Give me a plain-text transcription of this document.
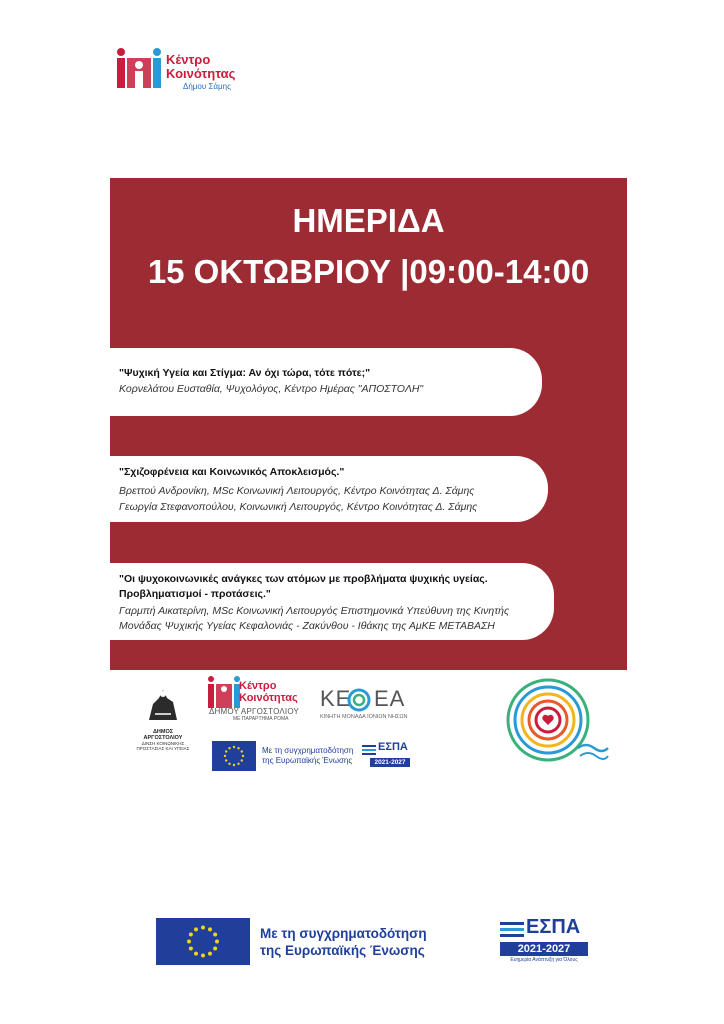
Κέντρο
Κοινότητας
Δήμου Σάμης
ΗΜΕΡΙΔΑ
15 ΟΚΤΩΒΡΙΟΥ |09:00-14:00
"Ψυχική Υγεία και Στίγμα: Αν όχι τώρα, τότε πότε;"
Κορνελάτου Ευσταθία, Ψυχολόγος, Κέντρο Ημέρας "ΑΠΟΣΤΟΛΗ"
"Σχιζοφρένεια και Κοινωνικός Αποκλεισμός."
Βρεττού Ανδρονίκη, MSc Κοινωνική Λειτουργός, Κέντρο Κοινότητας Δ. Σάμης
Γεωργία Στεφανοπούλου, Κοινωνική Λειτουργός, Κέντρο Κοινότητας Δ. Σάμης
"Οι ψυχοκοινωνικές ανάγκες των ατόμων με προβλήματα ψυχικής υγείας.
Προβληματισμοί - προτάσεις."
Γαρμπή Αικατερίνη, MSc Κοινωνική Λειτουργός Επιστημονικά Υπεύθυνη της Κινητής
Μονάδας Ψυχικής Υγείας Κεφαλονιάς - Ζακύνθου - Ιθάκης της ΑμΚΕ ΜΕΤΑΒΑΣΗ
ΔΗΜΟΣ
ΑΡΓΟΣΤΟΛΙΟΥ
ΔΙΝΣΗ ΚΟΙΝΩΝΙΚΗΣ
ΠΡΟΣΤΑΣΙΑΣ ΚΑΙ ΥΓΕΙΑΣ
Κέντρο
Κοινότητας
ΔΗΜΟΥ ΑΡΓΟΣΤΟΛΙΟΥ
ΜΕ ΠΑΡΑΡΤΗΜΑ ΡΟΜΑ
ΚΕ ΕΑ
ΚΙΝΗΤΗ ΜΟΝΑΔΑ ΙΟΝΙΩΝ ΝΗΣΩΝ
Με τη συγχρηματοδότηση
της Ευρωπαϊκής Ένωσης
ΕΣΠΑ
2021-2027
Με τη συγχρηματοδότηση
της Ευρωπαϊκής Ένωσης
ΕΣΠΑ
2021-2027
Ευημερία Ανάπτυξη για Όλους
